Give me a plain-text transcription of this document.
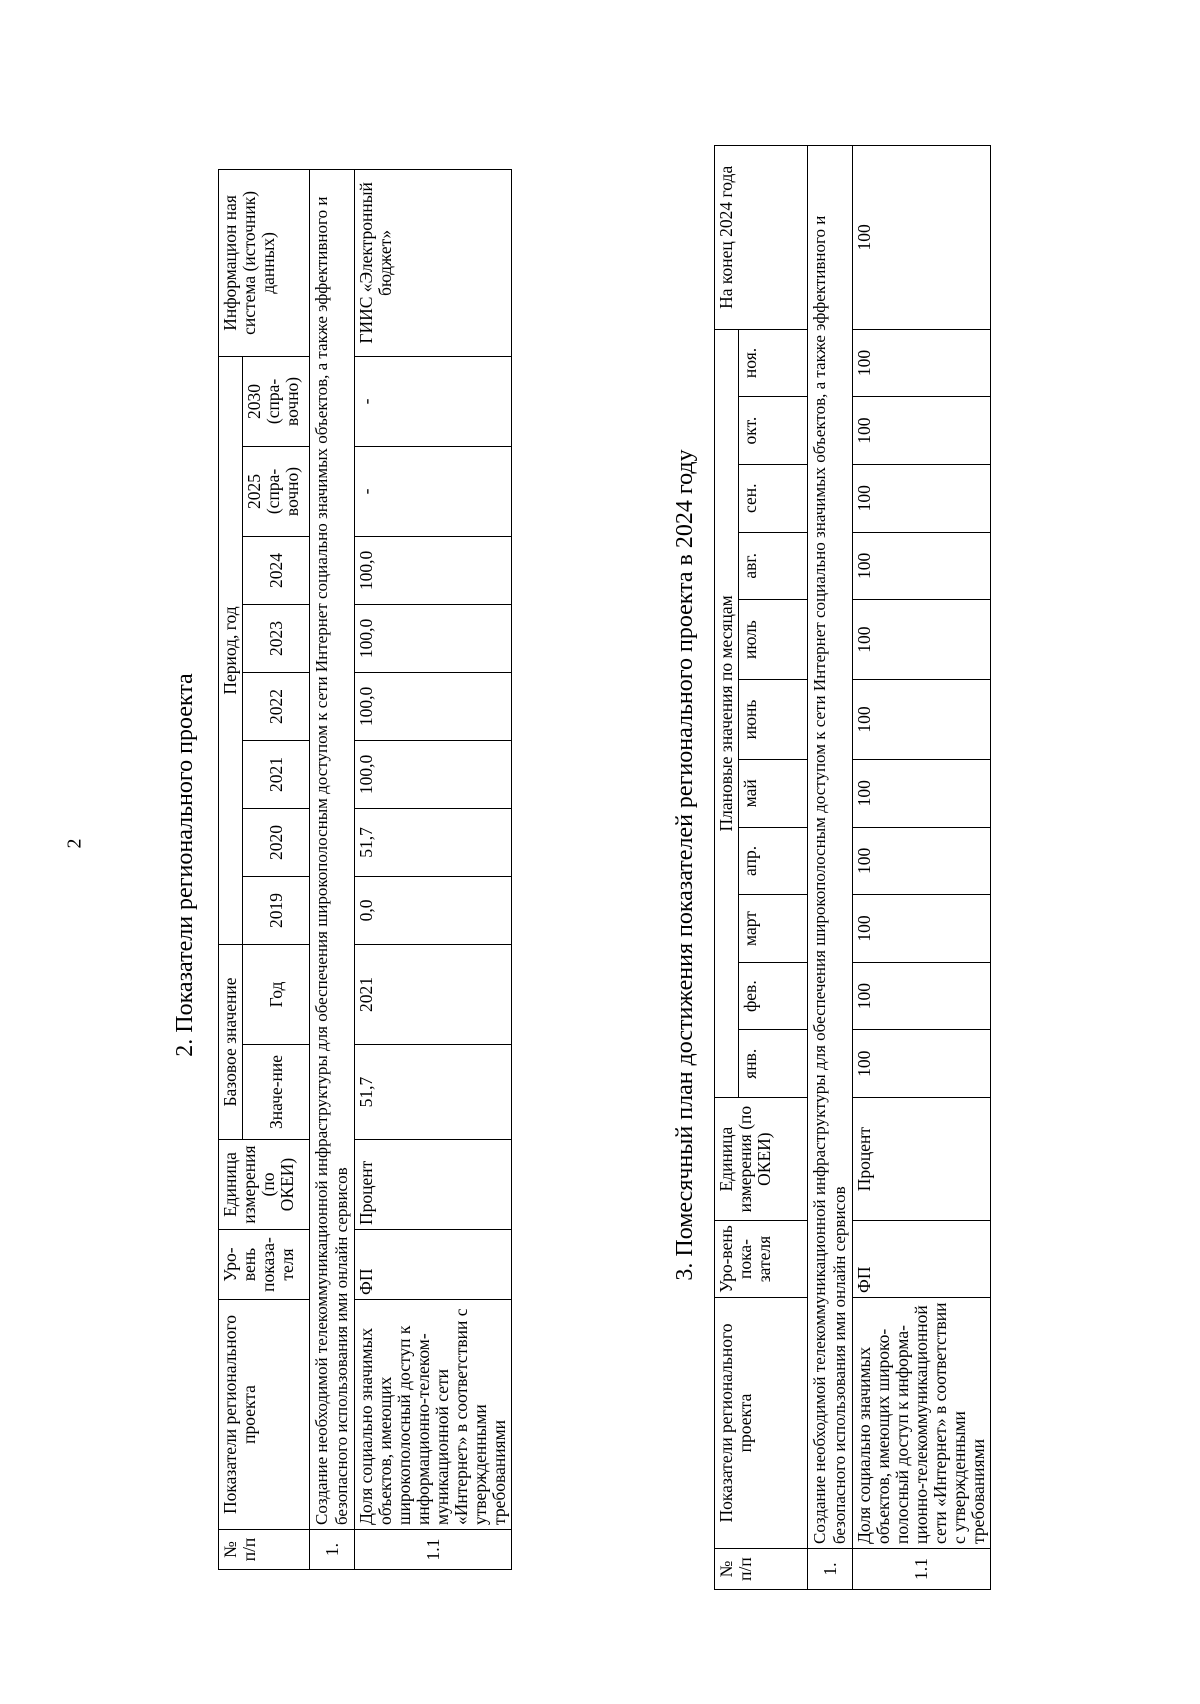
2	2. Показатели регионального проекта
№ п/п	Показатели регионального проекта	Уро-вень показа-теля	Единица измерения (по ОКЕИ)	Базовое значение		Период, год								Информацион ная система (источник) данных)
				Значе-ние	Год	2019	2020	2021	2022	2023	2024	2025 (спра-вочно)	2030 (спра-вочно)	
1.	Создание необходимой телекоммуникационной инфраструктуры для обеспечения широкополосным доступом к сети Интернет социально значимых объектов, а также эффективного и безопасного использования ими онлайн сервисов													
1.1	Доля социально значимых объектов, имеющих широкополосный доступ к информационно-телеком-муникационной сети «Интернет» в соответствии с утвержденными требованиями	ФП	Процент	51,7	2021	0,0	51,7	100,0	100,0	100,0	100,0	-	-	ГИИС «Электронный бюджет»
3. Помесячный план достижения показателей регионального проекта в 2024 году
№ п/п	Показатели регионального проекта	Уро-вень пока-зателя	Единица измерения (по ОКЕИ)	Плановые значения по месяцам											На конец 2024 года
				янв.	фев.	март	апр.	май	июнь	июль	авг.	сен.	окт.	ноя.	
1.	Создание необходимой телекоммуникационной инфраструктуры для обеспечения широкополосным доступом к сети Интернет социально значимых объектов, а также эффективного и безопасного использования ими онлайн сервисов														
1.1	Доля социально значимых объектов, имеющих широко-полосный доступ к информа-ционно-телекоммуникационной сети «Интернет» в соответствии с утвержденными требованиями	ФП	Процент	100	100	100	100	100	100	100	100	100	100	100	100
